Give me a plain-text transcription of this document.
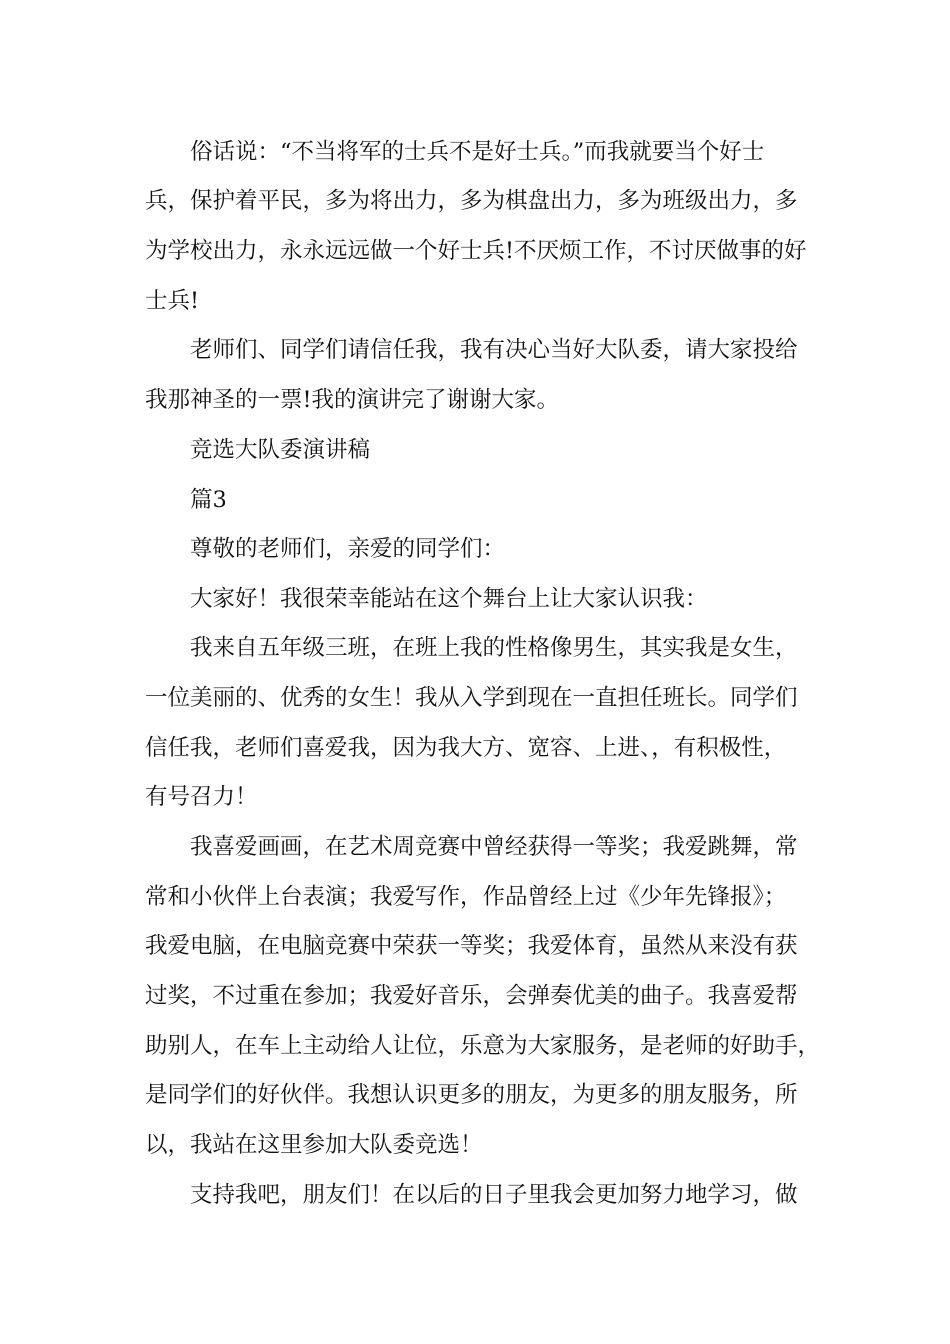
俗话说：“不当将军的士兵不是好士兵。”而我就要当个好士
兵，保护着平民，多为将出力，多为棋盘出力，多为班级出力，多
为学校出力，永永远远做一个好士兵!不厌烦工作，不讨厌做事的好
士兵!
老师们、同学们请信任我，我有决心当好大队委，请大家投给
我那神圣的一票!我的演讲完了谢谢大家。
竞选大队委演讲稿
篇3
尊敬的老师们，亲爱的同学们：
大家好！我很荣幸能站在这个舞台上让大家认识我：
我来自五年级三班，在班上我的性格像男生，其实我是女生，
一位美丽的、优秀的女生！我从入学到现在一直担任班长。同学们
信任我，老师们喜爱我，因为我大方、宽容、上进、，有积极性，
有号召力！
我喜爱画画，在艺术周竞赛中曾经获得一等奖；我爱跳舞，常
常和小伙伴上台表演；我爱写作，作品曾经上过《少年先锋报》；
我爱电脑，在电脑竞赛中荣获一等奖；我爱体育，虽然从来没有获
过奖，不过重在参加；我爱好音乐，会弹奏优美的曲子。我喜爱帮
助别人，在车上主动给人让位，乐意为大家服务，是老师的好助手，
是同学们的好伙伴。我想认识更多的朋友，为更多的朋友服务，所
以，我站在这里参加大队委竞选！
支持我吧，朋友们！在以后的日子里我会更加努力地学习，做
